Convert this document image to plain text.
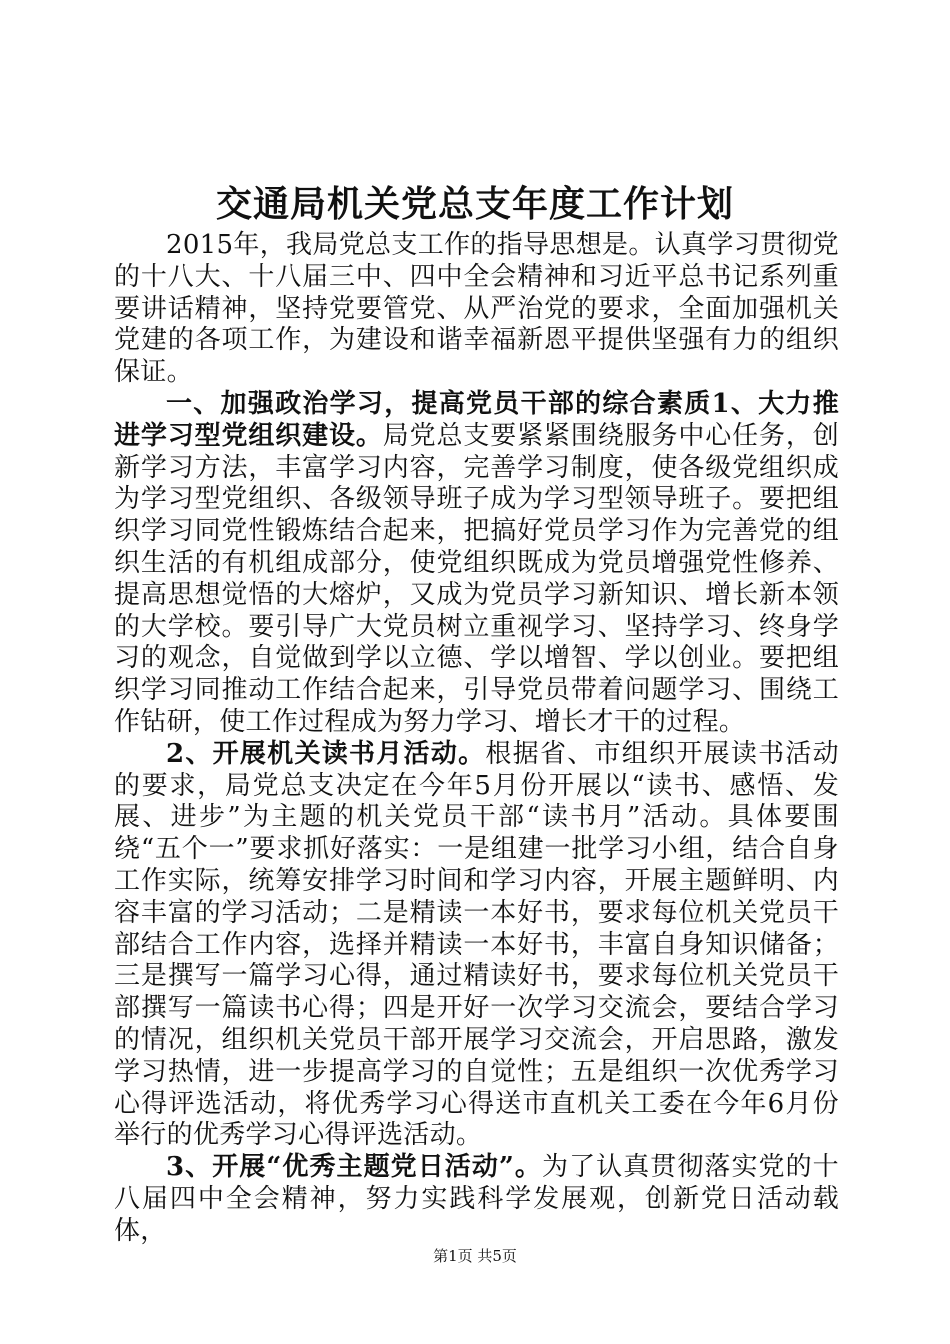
交通局机关党总支年度工作计划

2015年，我局党总支工作的指导思想是。认真学习贯彻党的十八大、十八届三中、四中全会精神和习近平总书记系列重要讲话精神，坚持党要管党、从严治党的要求，全面加强机关党建的各项工作，为建设和谐幸福新恩平提供坚强有力的组织保证。

一、加强政治学习，提高党员干部的综合素质1、大力推进学习型党组织建设。局党总支要紧紧围绕服务中心任务，创新学习方法，丰富学习内容，完善学习制度，使各级党组织成为学习型党组织、各级领导班子成为学习型领导班子。要把组织学习同党性锻炼结合起来，把搞好党员学习作为完善党的组织生活的有机组成部分，使党组织既成为党员增强党性修养、提高思想觉悟的大熔炉，又成为党员学习新知识、增长新本领的大学校。要引导广大党员树立重视学习、坚持学习、终身学习的观念，自觉做到学以立德、学以增智、学以创业。要把组织学习同推动工作结合起来，引导党员带着问题学习、围绕工作钻研，使工作过程成为努力学习、增长才干的过程。

2、开展机关读书月活动。根据省、市组织开展读书活动的要求，局党总支决定在今年5月份开展以“读书、感悟、发展、进步”为主题的机关党员干部“读书月”活动。具体要围绕“五个一”要求抓好落实：一是组建一批学习小组，结合自身工作实际，统筹安排学习时间和学习内容，开展主题鲜明、内容丰富的学习活动；二是精读一本好书，要求每位机关党员干部结合工作内容，选择并精读一本好书，丰富自身知识储备；三是撰写一篇学习心得，通过精读好书，要求每位机关党员干部撰写一篇读书心得；四是开好一次学习交流会，要结合学习的情况，组织机关党员干部开展学习交流会，开启思路，激发学习热情，进一步提高学习的自觉性；五是组织一次优秀学习心得评选活动，将优秀学习心得送市直机关工委在今年6月份举行的优秀学习心得评选活动。

3、开展“优秀主题党日活动”。为了认真贯彻落实党的十八届四中全会精神，努力实践科学发展观，创新党日活动载体，

第1页 共5页
